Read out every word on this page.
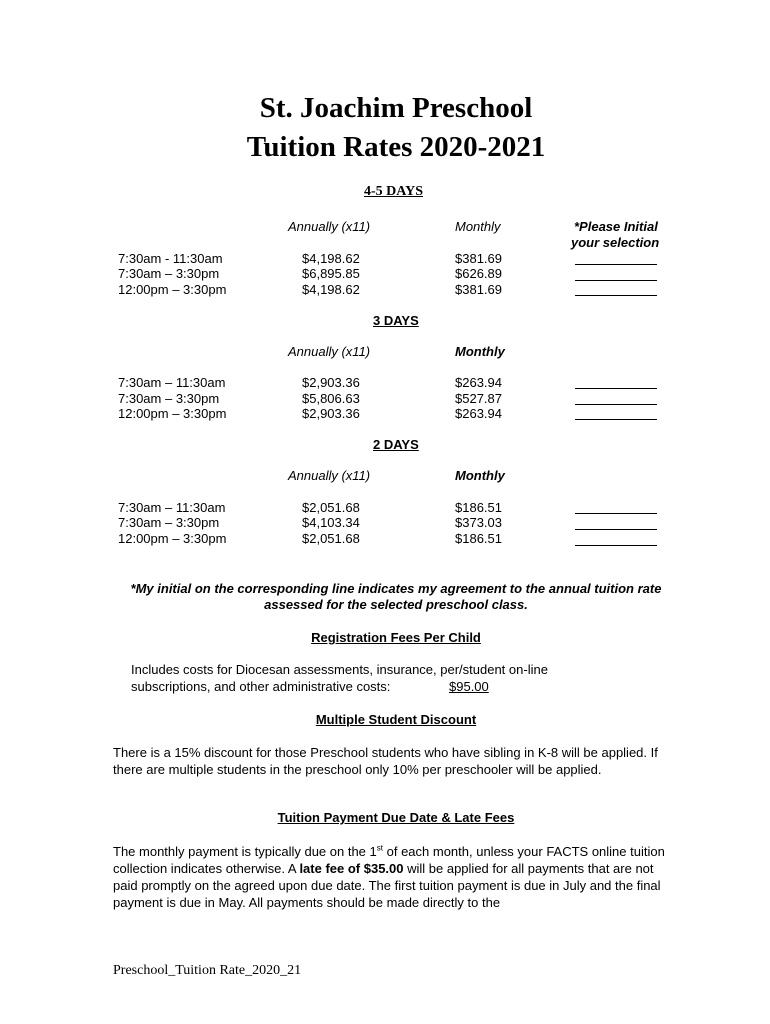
St. Joachim Preschool
Tuition Rates 2020-2021
4-5 DAYS
Annually (x11)	Monthly	*Please Initial
your selection
7:30am - 11:30am	$4,198.62	$381.69
7:30am – 3:30pm	$6,895.85	$626.89
12:00pm – 3:30pm	$4,198.62	$381.69
3 DAYS
Annually (x11)	Monthly
7:30am – 11:30am	$2,903.36	$263.94
7:30am – 3:30pm	$5,806.63	$527.87
12:00pm – 3:30pm	$2,903.36	$263.94
2 DAYS
Annually (x11)	Monthly
7:30am – 11:30am	$2,051.68	$186.51
7:30am – 3:30pm	$4,103.34	$373.03
12:00pm – 3:30pm	$2,051.68	$186.51
*My initial on the corresponding line indicates my agreement to the annual tuition rate
assessed for the selected preschool class.
Registration Fees Per Child
Includes costs for Diocesan assessments, insurance, per/student on-line
subscriptions, and other administrative costs:	$95.00
Multiple Student Discount
There is a 15% discount for those Preschool students who have sibling in K-8 will be applied. If there are multiple students in the preschool only 10% per preschooler will be applied.
Tuition Payment Due Date & Late Fees
The monthly payment is typically due on the 1st of each month, unless your FACTS online tuition collection indicates otherwise. A late fee of $35.00 will be applied for all payments that are not paid promptly on the agreed upon due date. The first tuition payment is due in July and the final payment is due in May. All payments should be made directly to the
Preschool_Tuition Rate_2020_21
